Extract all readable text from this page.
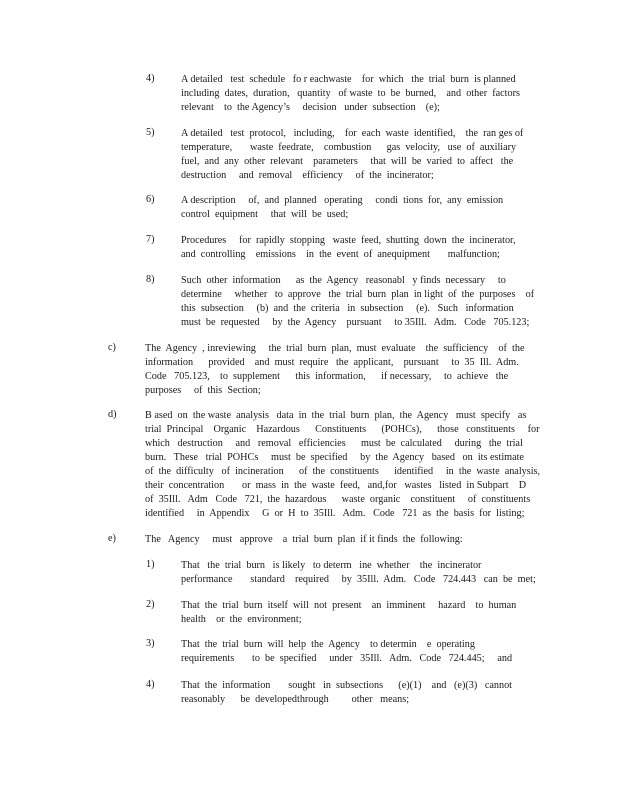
4)	A detailed   test  schedule   fo r eachwaste    for  which   the  trial  burn  is planned
including  dates,  duration,   quantity   of waste  to  be  burned,    and  other  factors
relevant    to  the Agency’s     decision   under  subsection    (e);
5)	A detailed   test  protocol,   including,    for  each  waste  identified,    the  ran ges of
temperature,       waste  feedrate,    combustion      gas  velocity,   use  of  auxiliary
fuel,  and  any  other  relevant    parameters     that  will  be  varied  to  affect   the
destruction     and  removal    efficiency     of  the  incinerator;
6)	A description     of,  and  planned   operating     condi  tions  for,  any  emission
control  equipment     that  will  be  used;
7)	Procedures     for  rapidly  stopping   waste  feed,  shutting  down  the  incinerator,
and  controlling    emissions    in  the  event  of  anequipment       malfunction;
8)	Such  other  information      as  the  Agency   reasonabl   y finds  necessary     to
determine     whether   to  approve   the  trial  burn  plan  in light  of  the  purposes    of
this  subsection     (b)  and  the  criteria   in  subsection     (e).   Such   information
must  be  requested     by  the  Agency    pursuant     to 35Ill.   Adm.   Code   705.123;
c)	The  Agency  , inreviewing     the  trial  burn  plan,  must  evaluate    the  sufficiency    of  the
information      provided    and  must  require   the  applicant,    pursuant     to  35  Ill.  Adm.
Code   705.123,    to  supplement      this  information,      if necessary,     to  achieve   the
purposes     of  this  Section;
d)	B ased  on  the waste  analysis   data  in  the  trial  burn  plan,  the  Agency   must  specify   as
trial  Principal    Organic    Hazardous      Constituents      (POHCs),      those   constituents     for
which   destruction     and   removal   efficiencies      must  be  calculated     during   the  trial
burn.   These   trial  POHCs     must  be  specified     by  the  Agency   based   on  its estimate
of  the  difficulty   of  incineration      of  the  constituents      identified     in  the  waste  analysis,
their  concentration       or  mass  in  the  waste  feed,   and,for   wastes   listed  in Subpart    D
of  35Ill.   Adm   Code   721,  the  hazardous      waste  organic    constituent     of  constituents
identified     in  Appendix     G  or  H  to  35Ill.   Adm.   Code   721  as  the  basis  for  listing;
e)	The   Agency     must   approve    a  trial  burn  plan  if it finds  the  following:
1)	That   the  trial  burn   is likely   to determ   ine  whether    the  incinerator
performance       standard    required     by  35Ill.  Adm.   Code   724.443   can  be  met;
2)	That  the  trial  burn  itself  will  not  present    an  imminent     hazard    to  human
health    or  the  environment;
3)	That  the  trial  burn  will  help  the  Agency    to determin    e  operating
requirements       to  be  specified     under   35Ill.   Adm.   Code   724.445;     and
4)	That  the  information       sought   in  subsections      (e)(1)    and   (e)(3)   cannot
reasonably      be  developedthrough         other   means;
